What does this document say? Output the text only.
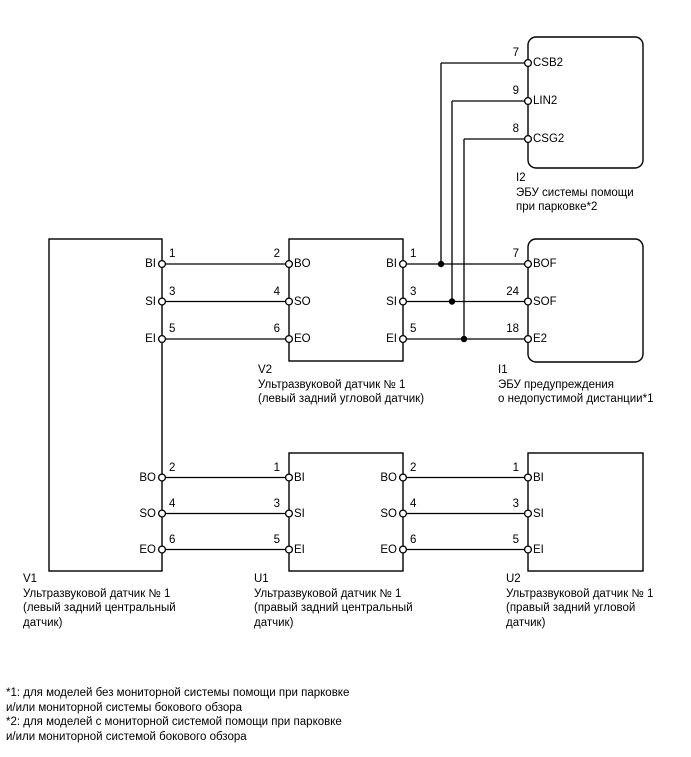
1
BI
3
SI
5
EI
2
BO
4
SO
6
EO
2
BO
4
SO
6
EO
1
BI
3
SI
5
EI
7
BOF
24
SOF
18
E2
7
CSB2
9
LIN2
8
CSG2
1
BI
3
SI
5
EI
2
BO
4
SO
6
EO
1
BI
3
SI
5
EI
V1
Ультразвуковой датчик № 1
(левый задний центральный
датчик)
V2
Ультразвуковой датчик № 1
(левый задний угловой датчик)
U1
Ультразвуковой датчик № 1
(правый задний центральный
датчик)
U2
Ультразвуковой датчик № 1
(правый задний угловой
датчик)
I1
ЭБУ предупреждения
о недопустимой дистанции*1
I2
ЭБУ системы помощи
при парковке*2
*1: для моделей без мониторной системы помощи при парковке
и/или мониторной системы бокового обзора
*2: для моделей с мониторной системой помощи при парковке
и/или мониторной системой бокового обзора
